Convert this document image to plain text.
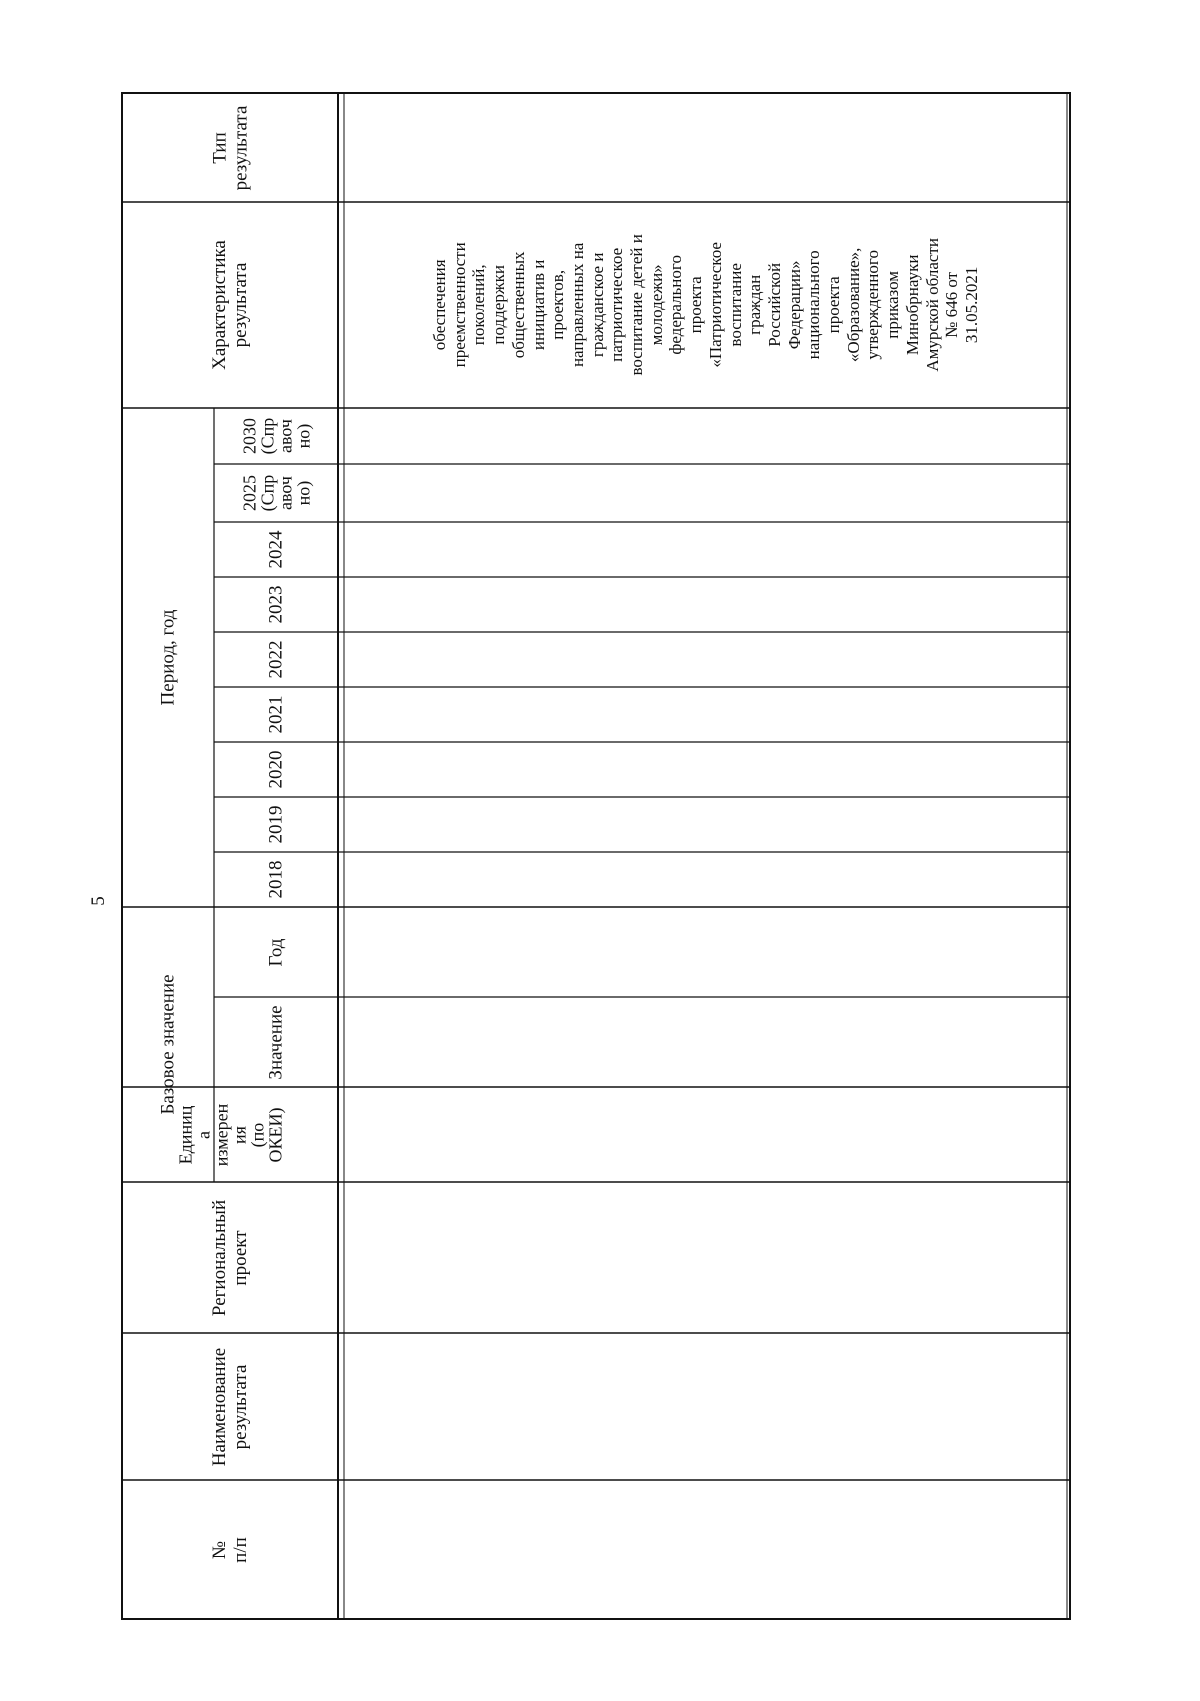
5
№ п/п
Наименование результата
Региональный проект
Единиц
а
измерен
ия
(по
ОКЕИ)
Базовое значение	Значение
Год
Период, год
2018
2019
2020
2021
2022
2023
2024
2025
(Спр
авоч
но)
2030
(Спр
авоч
но)
Характеристика результата
Тип результата
обеспечения преемственности поколений, поддержки общественных инициатив и проектов, направленных на гражданское и патриотическое воспитание детей и молодежи» федерального проекта «Патриотическое воспитание граждан Российской Федерации» национального проекта «Образование», утвержденного приказом Минобрнауки Амурской области № 646 от 31.05.2021
